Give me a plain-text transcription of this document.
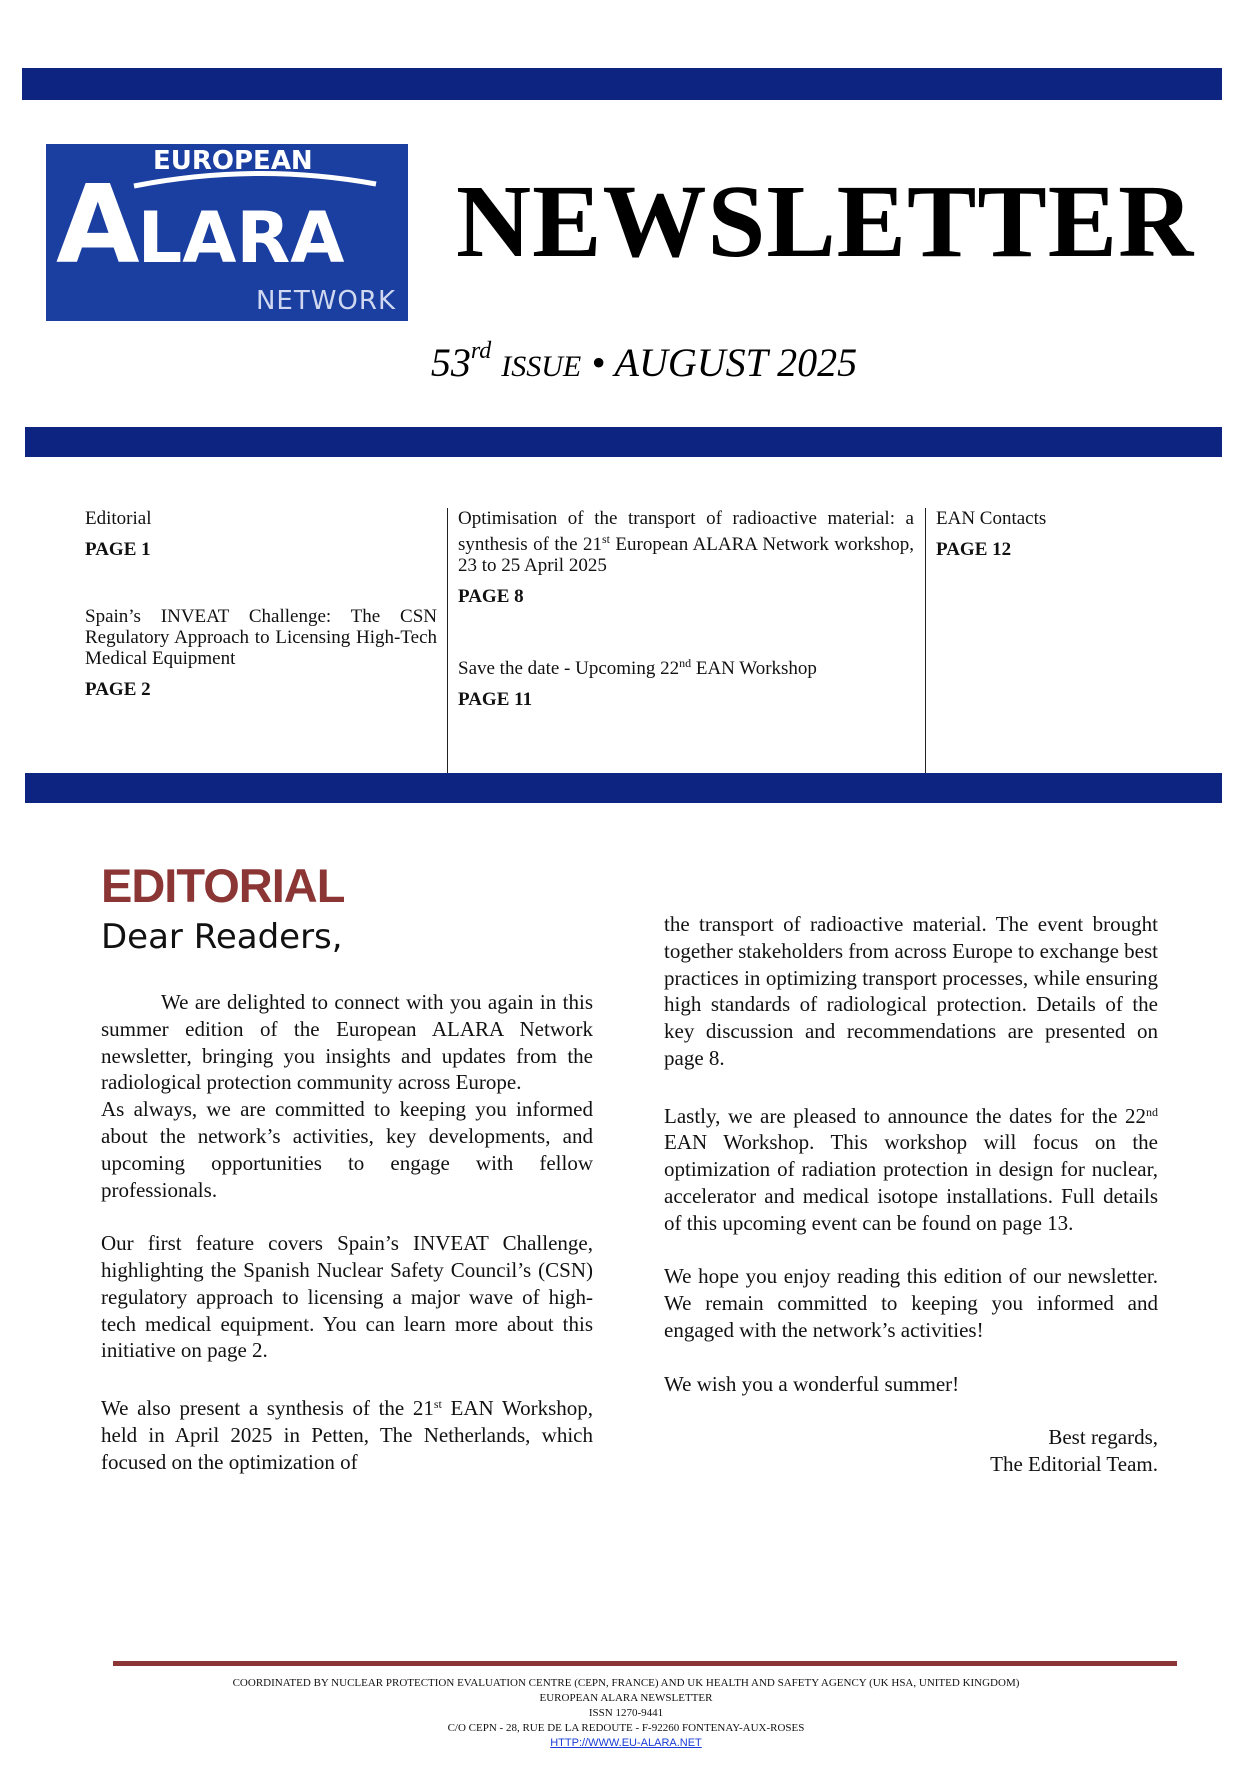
EUROPEAN
ALARA
NETWORK
NEWSLETTER
53rd ISSUE • AUGUST 2025

Editorial

PAGE 1

Spain’s INVEAT Challenge: The CSN Regulatory Approach to Licensing High-Tech Medical Equipment

PAGE 2

Optimisation of the transport of radioactive material: a synthesis of the 21st European ALARA Network workshop, 23 to 25 April 2025

PAGE 8

Save the date - Upcoming 22nd EAN Workshop

PAGE 11

EAN Contacts

PAGE 12

EDITORIAL
Dear Readers,

We are delighted to connect with you again in this summer edition of the European ALARA Network newsletter, bringing you insights and updates from the radiological protection community across Europe.

As always, we are committed to keeping you informed about the network’s activities, key developments, and upcoming opportunities to engage with fellow professionals.

Our first feature covers Spain’s INVEAT Challenge, highlighting the Spanish Nuclear Safety Council’s (CSN) regulatory approach to licensing a major wave of high-tech medical equipment. You can learn more about this initiative on page 2.

We also present a synthesis of the 21st EAN Workshop, held in April 2025 in Petten, The Netherlands, which focused on the optimization of

the transport of radioactive material. The event brought together stakeholders from across Europe to exchange best practices in optimizing transport processes, while ensuring high standards of radiological protection. Details of the key discussion and recommendations are presented on page 8.

Lastly, we are pleased to announce the dates for the 22nd EAN Workshop. This workshop will focus on the optimization of radiation protection in design for nuclear, accelerator and medical isotope installations. Full details of this upcoming event can be found on page 13.

We hope you enjoy reading this edition of our newsletter. We remain committed to keeping you informed and engaged with the network’s activities!

We wish you a wonderful summer!

Best regards,

The Editorial Team.

COORDINATED BY NUCLEAR PROTECTION EVALUATION CENTRE (CEPN, FRANCE) AND UK HEALTH AND SAFETY AGENCY (UK HSA, UNITED KINGDOM)
EUROPEAN ALARA NEWSLETTER
ISSN 1270-9441
C/O CEPN - 28, RUE DE LA REDOUTE - F-92260 FONTENAY-AUX-ROSES
HTTP://WWW.EU-ALARA.NET
